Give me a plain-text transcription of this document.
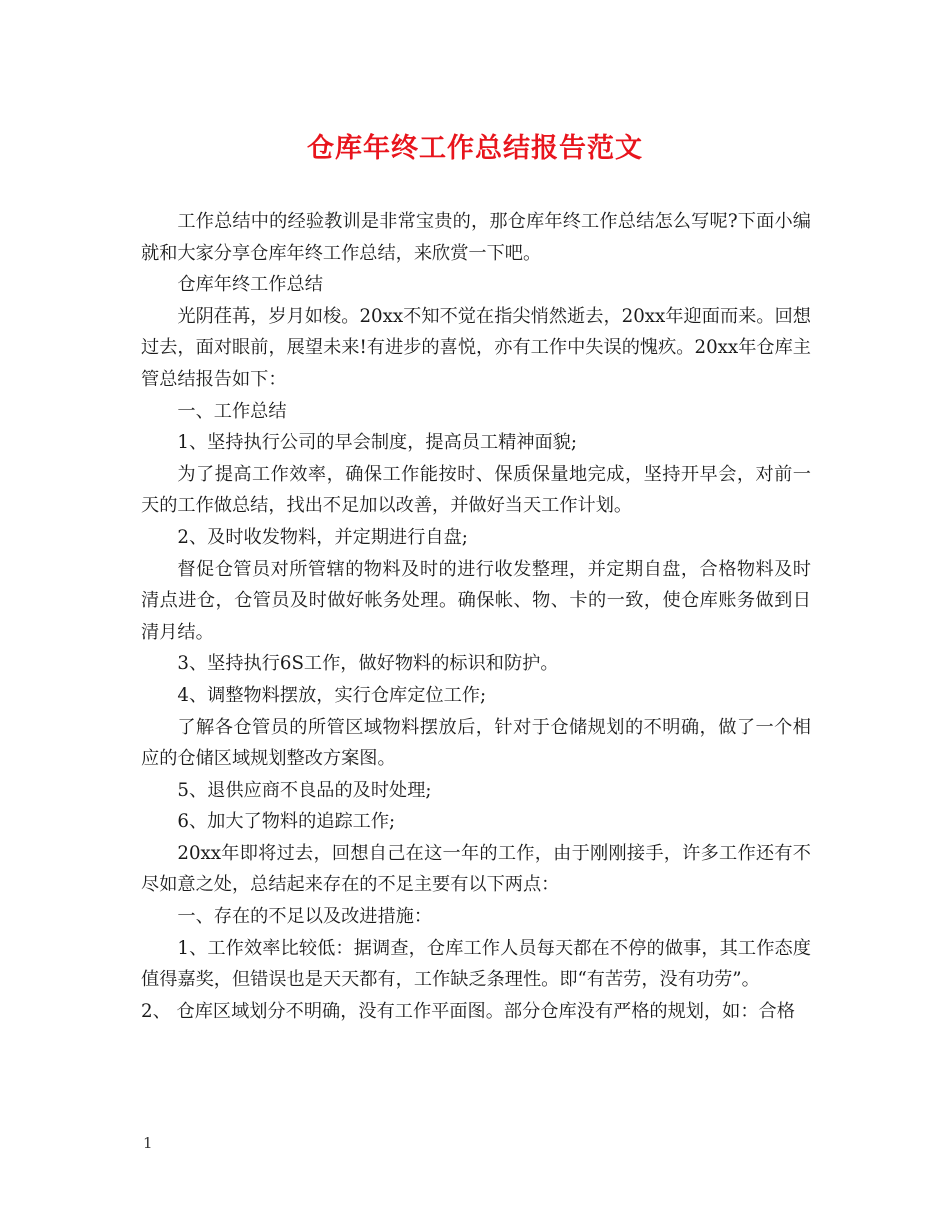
仓库年终工作总结报告范文

工作总结中的经验教训是非常宝贵的，那仓库年终工作总结怎么写呢?下面小编就和大家分享仓库年终工作总结，来欣赏一下吧。

仓库年终工作总结

光阴荏苒，岁月如梭。20xx不知不觉在指尖悄然逝去，20xx年迎面而来。回想过去，面对眼前，展望未来!有进步的喜悦，亦有工作中失误的愧疚。20xx年仓库主管总结报告如下：

一、工作总结

1、坚持执行公司的早会制度，提高员工精神面貌;

为了提高工作效率，确保工作能按时、保质保量地完成，坚持开早会，对前一天的工作做总结，找出不足加以改善，并做好当天工作计划。

2、及时收发物料，并定期进行自盘;

督促仓管员对所管辖的物料及时的进行收发整理，并定期自盘，合格物料及时清点进仓，仓管员及时做好帐务处理。确保帐、物、卡的一致，使仓库账务做到日清月结。

3、坚持执行6S工作，做好物料的标识和防护。

4、调整物料摆放，实行仓库定位工作;

了解各仓管员的所管区域物料摆放后，针对于仓储规划的不明确，做了一个相应的仓储区域规划整改方案图。

5、退供应商不良品的及时处理;

6、加大了物料的追踪工作;

20xx年即将过去，回想自己在这一年的工作，由于刚刚接手，许多工作还有不尽如意之处，总结起来存在的不足主要有以下两点：

一、存在的不足以及改进措施：

1、工作效率比较低：据调查，仓库工作人员每天都在不停的做事，其工作态度值得嘉奖，但错误也是天天都有，工作缺乏条理性。即“有苦劳，没有功劳”。

2、 仓库区域划分不明确，没有工作平面图。部分仓库没有严格的规划，如：合格

1
